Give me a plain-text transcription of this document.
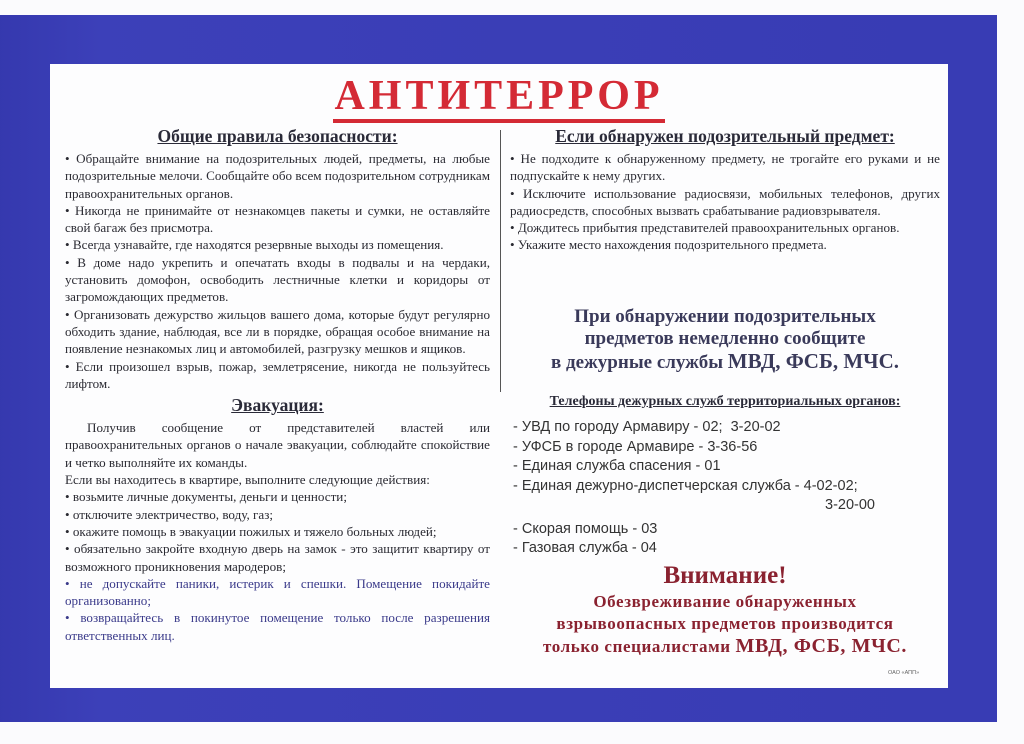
АНТИТЕРРОР
Общие правила безопасности:

• Обращайте внимание на подозрительных людей, предметы, на любые подозрительные мелочи. Сообщайте обо всем подозрительном сотрудникам правоохранительных органов.

• Никогда не принимайте от незнакомцев пакеты и сумки, не оставляйте свой багаж без присмотра.

• Всегда узнавайте, где находятся резервные выходы из помещения.

• В доме надо укрепить и опечатать входы в подвалы и на чердаки, установить домофон, освободить лестничные клетки и коридоры от загромождающих предметов.

• Организовать дежурство жильцов вашего дома, которые будут регулярно обходить здание, наблюдая, все ли в порядке, обращая особое внимание на появление незнакомых лиц и автомобилей, разгрузку мешков и ящиков.

• Если произошел взрыв, пожар, землетрясение, никогда не пользуйтесь лифтом.

Эвакуация:

Получив сообщение от представителей властей или правоохранительных органов о начале эвакуации, соблюдайте спокойствие и четко выполняйте их команды.

Если вы находитесь в квартире, выполните следующие действия:

• возьмите личные документы, деньги и ценности;

• отключите электричество, воду, газ;

• окажите помощь в эвакуации пожилых и тяжело больных людей;

• обязательно закройте входную дверь на замок - это защитит квартиру от возможного проникновения мародеров;

• не допускайте паники, истерик и спешки. Помещение покидайте организованно;

• возвращайтесь в покинутое помещение только после разрешения ответственных лиц.

Если обнаружен подозрительный предмет:

• Не подходите к обнаруженному предмету, не трогайте его руками и не подпускайте к нему других.

• Исключите использование радиосвязи, мобильных телефонов, других радиосредств, способных вызвать срабатывание радиовзрывателя.

• Дождитесь прибытия представителей правоохранительных органов.

• Укажите место нахождения подозрительного предмета.

При обнаружении подозрительных
предметов немедленно сообщите
в дежурные службы МВД, ФСБ, МЧС.
Телефоны дежурных служб территориальных органов:
- УВД по городу Армавиру - 02;  3-20-02
- УФСБ в городе Армавире - 3-36-56
- Единая служба спасения - 01
- Единая дежурно-диспетчерская служба - 4-02-02;
3-20-00
- Скорая помощь - 03
- Газовая служба - 04
Внимание!
Обезвреживание обнаруженных
взрывоопасных предметов производится
только специалистами МВД, ФСБ, МЧС.
ОАО «АПП»
